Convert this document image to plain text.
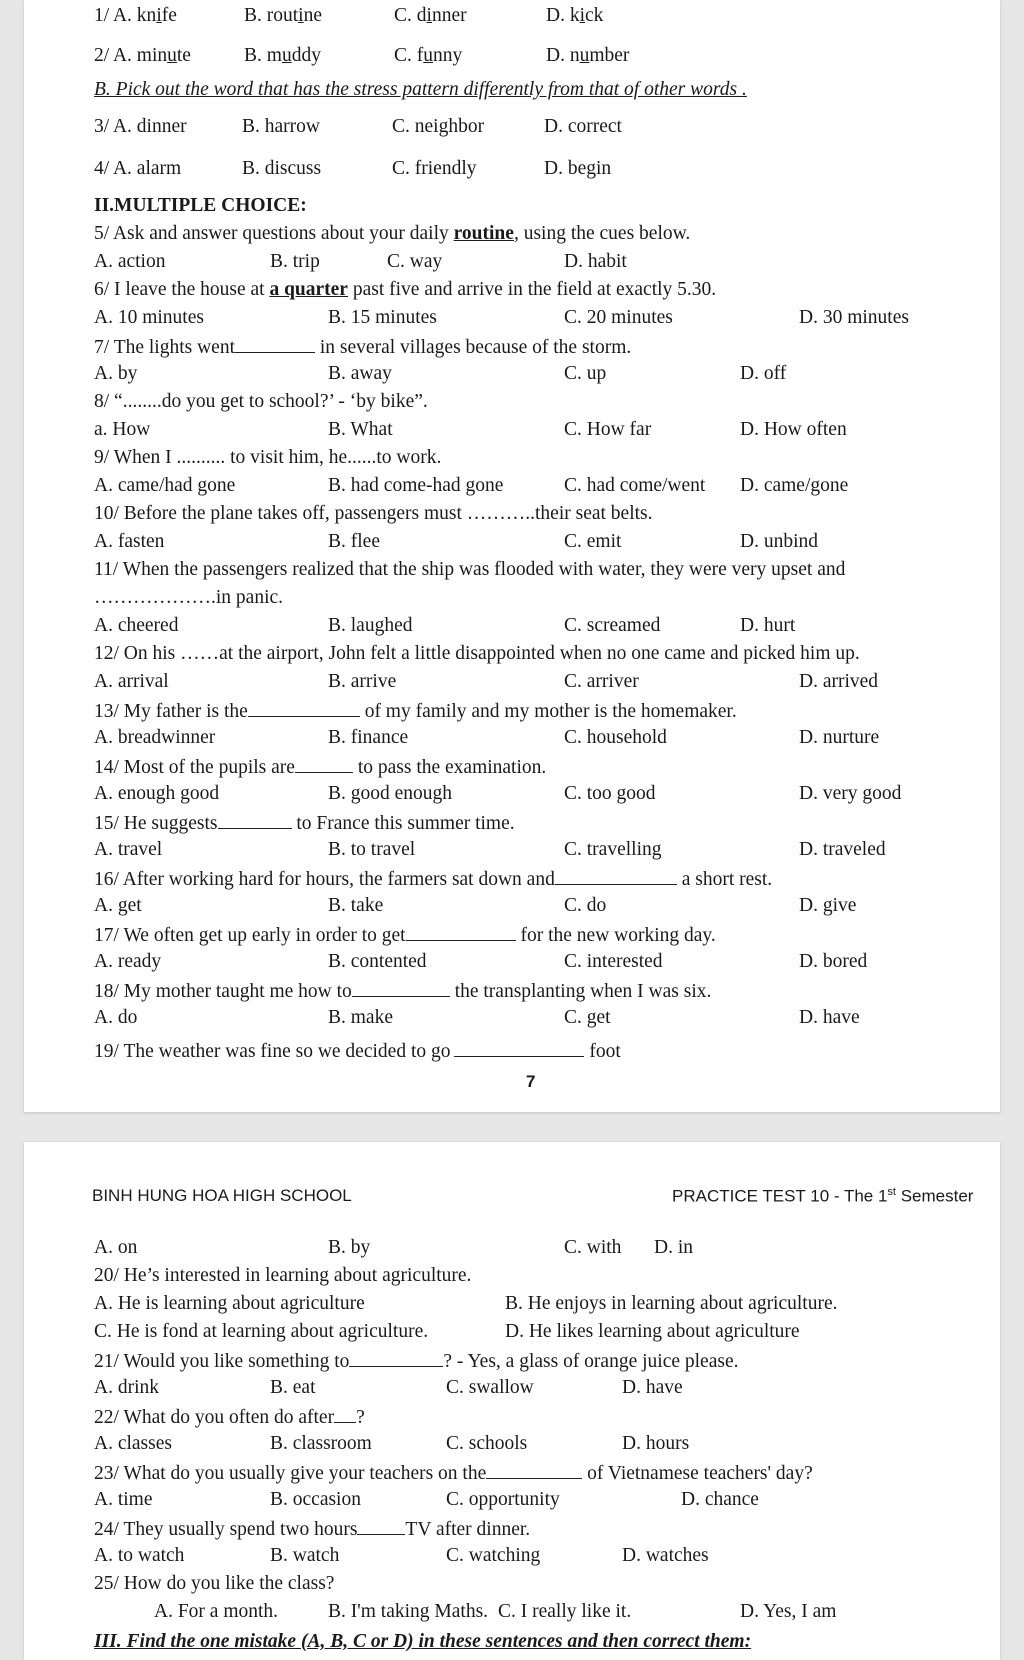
1/ A. knife	B. routine	C. dinner	D. kick
2/ A. minute	B. muddy	C. funny	D. number
B. Pick out the word that has the stress pattern differently from that of other words .
3/ A. dinner	B. harrow	C. neighbor	D. correct
4/ A. alarm	B. discuss	C. friendly	D. begin
II.MULTIPLE CHOICE:
5/ Ask and answer questions about your daily routine, using the cues below.
A. action	B. trip	C. way	D. habit
6/ I leave the house at a quarter past five and arrive in the field at exactly 5.30.
A. 10 minutes	B. 15 minutes	C. 20 minutes	D. 30 minutes
7/ The lights went	in several villages because of the storm.
A. by	B. away	C. up	D. off
8/ “........do you get to school?’ - ‘by bike”.
a. How	B. What	C. How far	D. How often
9/ When I .......... to visit him, he......to work.
A. came/had gone	B. had come-had gone	C. had come/went D. came/gone
10/ Before the plane takes off, passengers must ………..their seat belts.
A. fasten	B. flee	C. emit	D. unbind
11/ When the passengers realized that the ship was flooded with water, they were very upset and
……………….in panic.
A. cheered	B. laughed	C. screamed	D. hurt
12/ On his ……at the airport, John felt a little disappointed when no one came and picked him up.
A. arrival	B. arrive	C. arriver	D. arrived
13/ My father is the	of my family and my mother is the homemaker.
A. breadwinner	B. finance	C. household	D. nurture
14/ Most of the pupils are	to pass the examination.
A. enough good	B. good enough	C. too good	D. very good
15/ He suggests	to France this summer time.
A. travel	B. to travel	C. travelling	D. traveled
16/ After working hard for hours, the farmers sat down and	a short rest.
A. get	B. take	C. do	D. give
17/ We often get up early in order to get	for the new working day.
A. ready	B. contented	C. interested	D. bored
18/ My mother taught me how to	the transplanting when I was six.
A. do	B. make	C. get	D. have
19/ The weather was fine so we decided to go	foot
7
BINH HUNG HOA HIGH SCHOOL	PRACTICE TEST 10 - The 1st Semester
A. on	B. by	C. with D. in
20/ He’s interested in learning about agriculture.
A. He is learning about agriculture	B. He enjoys in learning about agriculture.
C. He is fond at learning about agriculture.	D. He likes learning about agriculture
21/ Would you like something to	? - Yes, a glass of orange juice please.
A. drink	B. eat	C. swallow	D. have
22/ What do you often do after ?
A. classes	B. classroom	C. schools	D. hours
23/ What do you usually give your teachers on the	of Vietnamese teachers' day?
A. time	B. occasion	C. opportunity	D. chance
24/ They usually spend two hours TV after dinner.
A. to watch	B. watch	C. watching	D. watches
25/ How do you like the class?
A. For a month.	B. I'm taking Maths. C. I really like it.	D. Yes, I am
III. Find the one mistake (A, B, C or D) in these sentences and then correct them:
